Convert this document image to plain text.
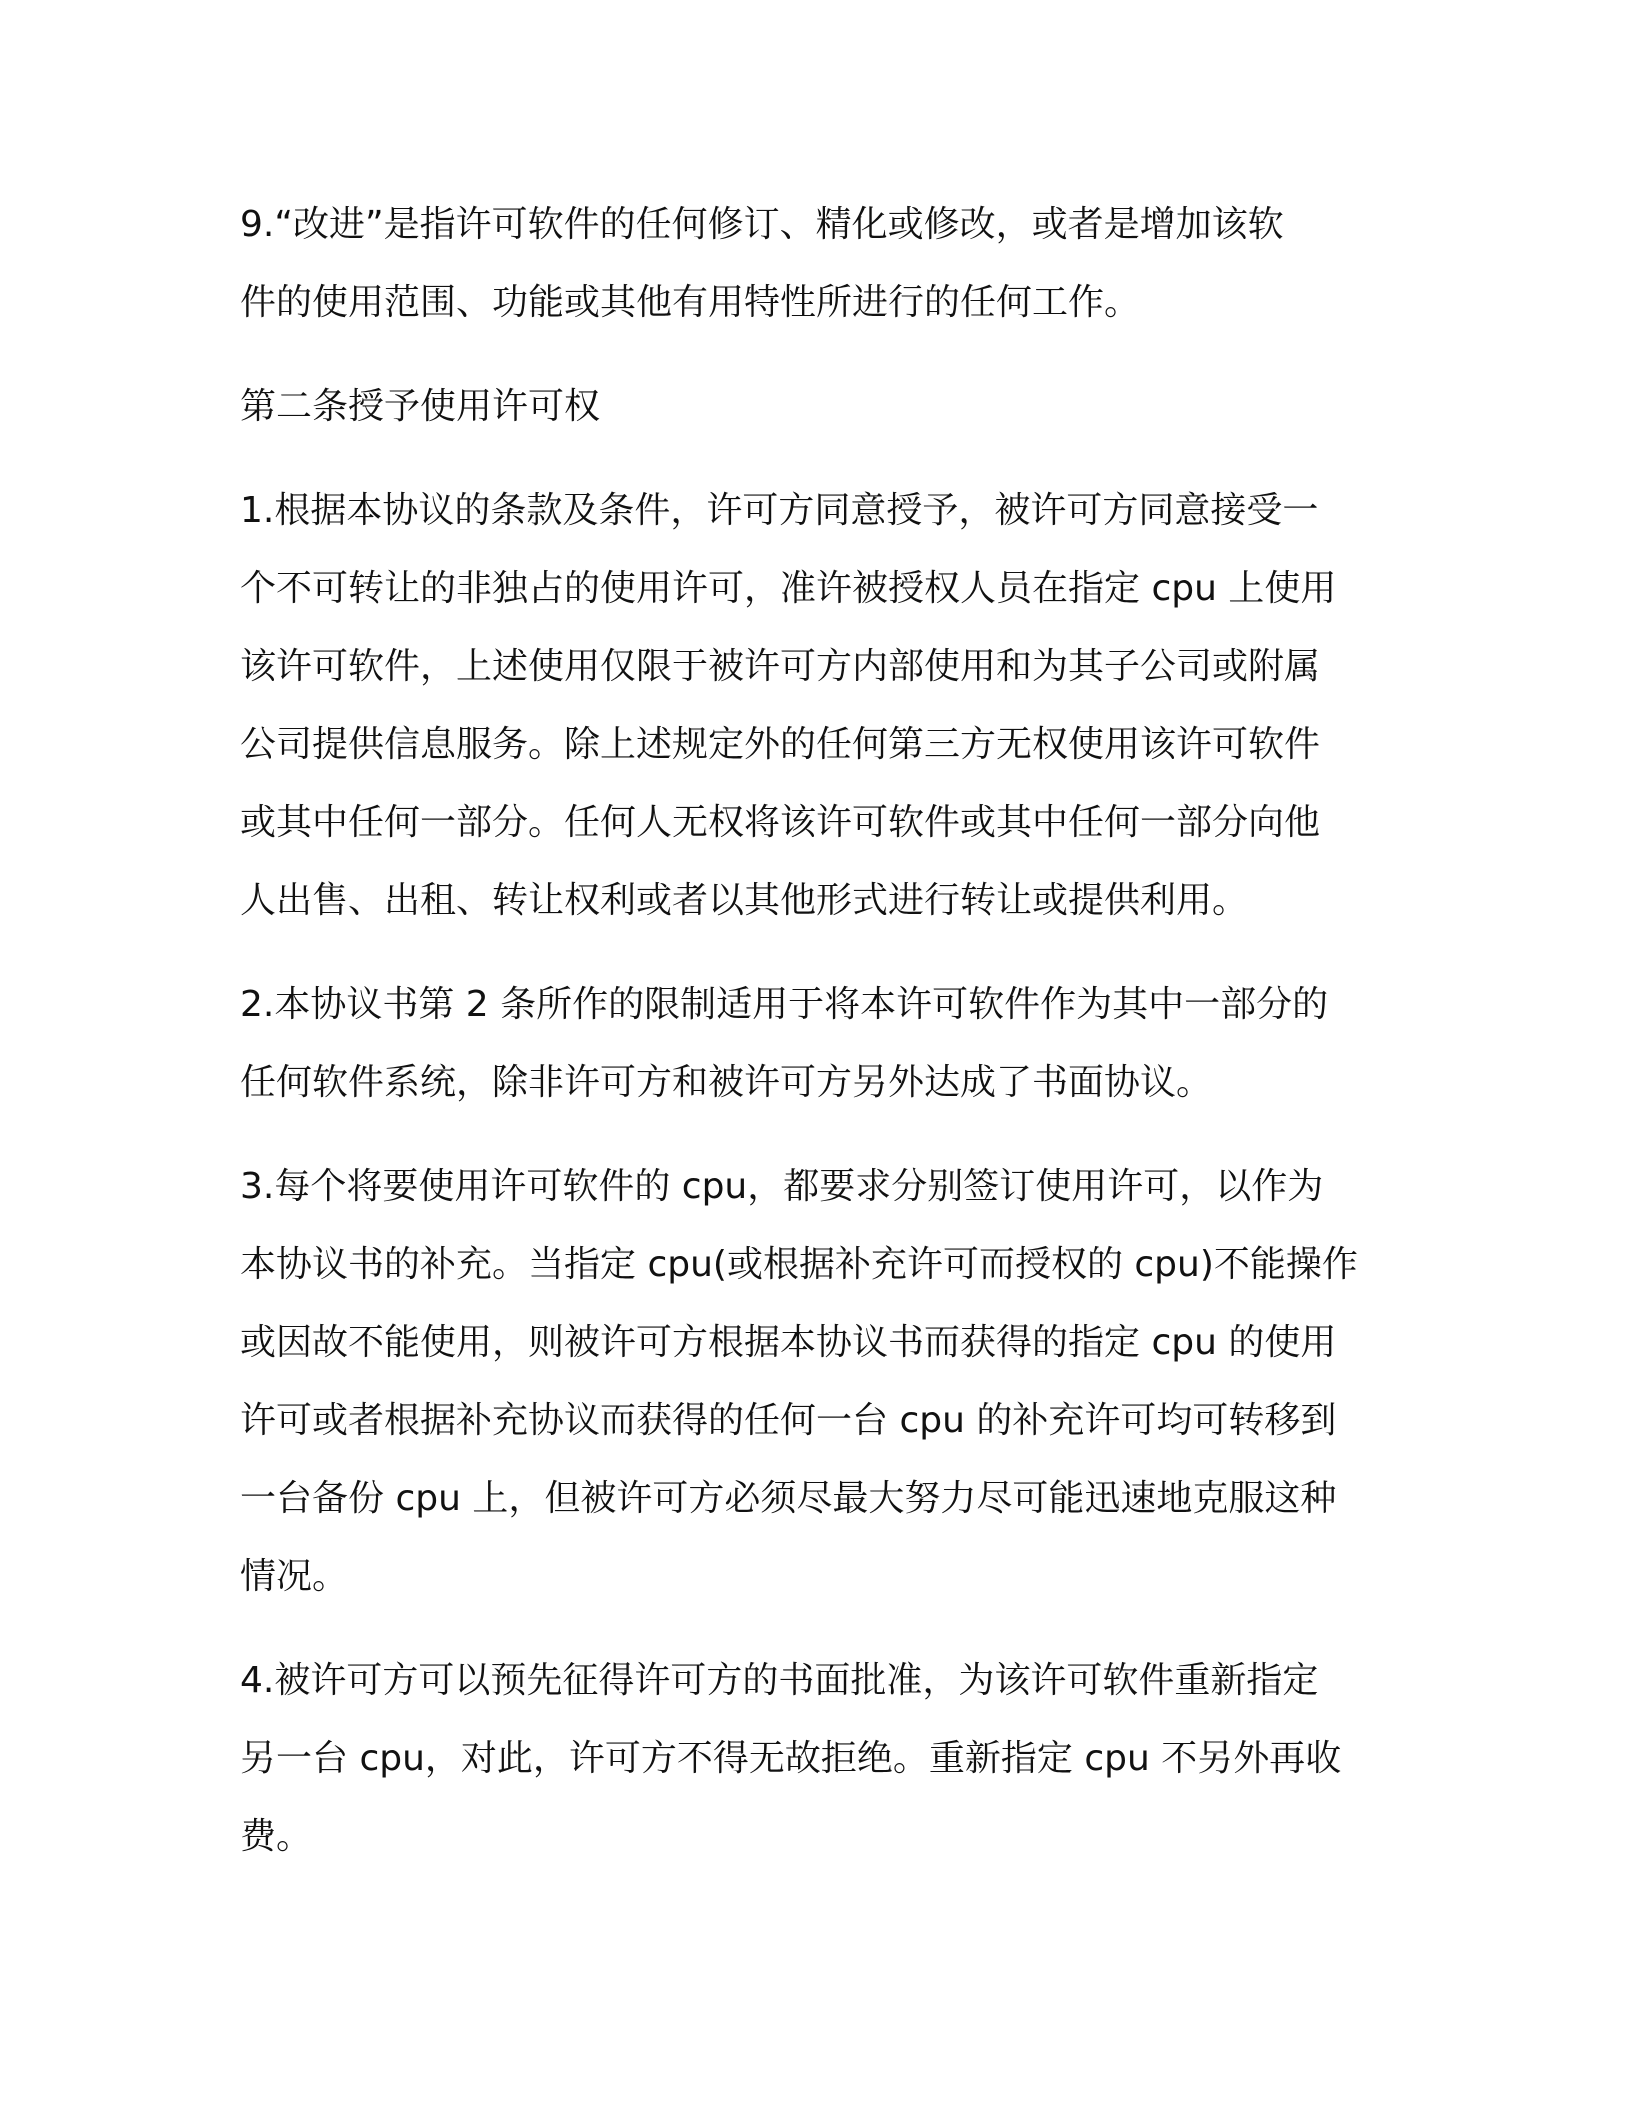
9.“改进”是指许可软件的任何修订、精化或修改，或者是增加该软
件的使用范围、功能或其他有用特性所进行的任何工作。
第二条授予使用许可权
1.根据本协议的条款及条件，许可方同意授予，被许可方同意接受一
个不可转让的非独占的使用许可，准许被授权人员在指定 cpu 上使用
该许可软件，上述使用仅限于被许可方内部使用和为其子公司或附属
公司提供信息服务。除上述规定外的任何第三方无权使用该许可软件
或其中任何一部分。任何人无权将该许可软件或其中任何一部分向他
人出售、出租、转让权利或者以其他形式进行转让或提供利用。
2.本协议书第 2 条所作的限制适用于将本许可软件作为其中一部分的
任何软件系统，除非许可方和被许可方另外达成了书面协议。
3.每个将要使用许可软件的 cpu，都要求分别签订使用许可，以作为
本协议书的补充。当指定 cpu(或根据补充许可而授权的 cpu)不能操作
或因故不能使用，则被许可方根据本协议书而获得的指定 cpu 的使用
许可或者根据补充协议而获得的任何一台 cpu 的补充许可均可转移到
一台备份 cpu 上，但被许可方必须尽最大努力尽可能迅速地克服这种
情况。
4.被许可方可以预先征得许可方的书面批准，为该许可软件重新指定
另一台 cpu，对此，许可方不得无故拒绝。重新指定 cpu 不另外再收
费。
